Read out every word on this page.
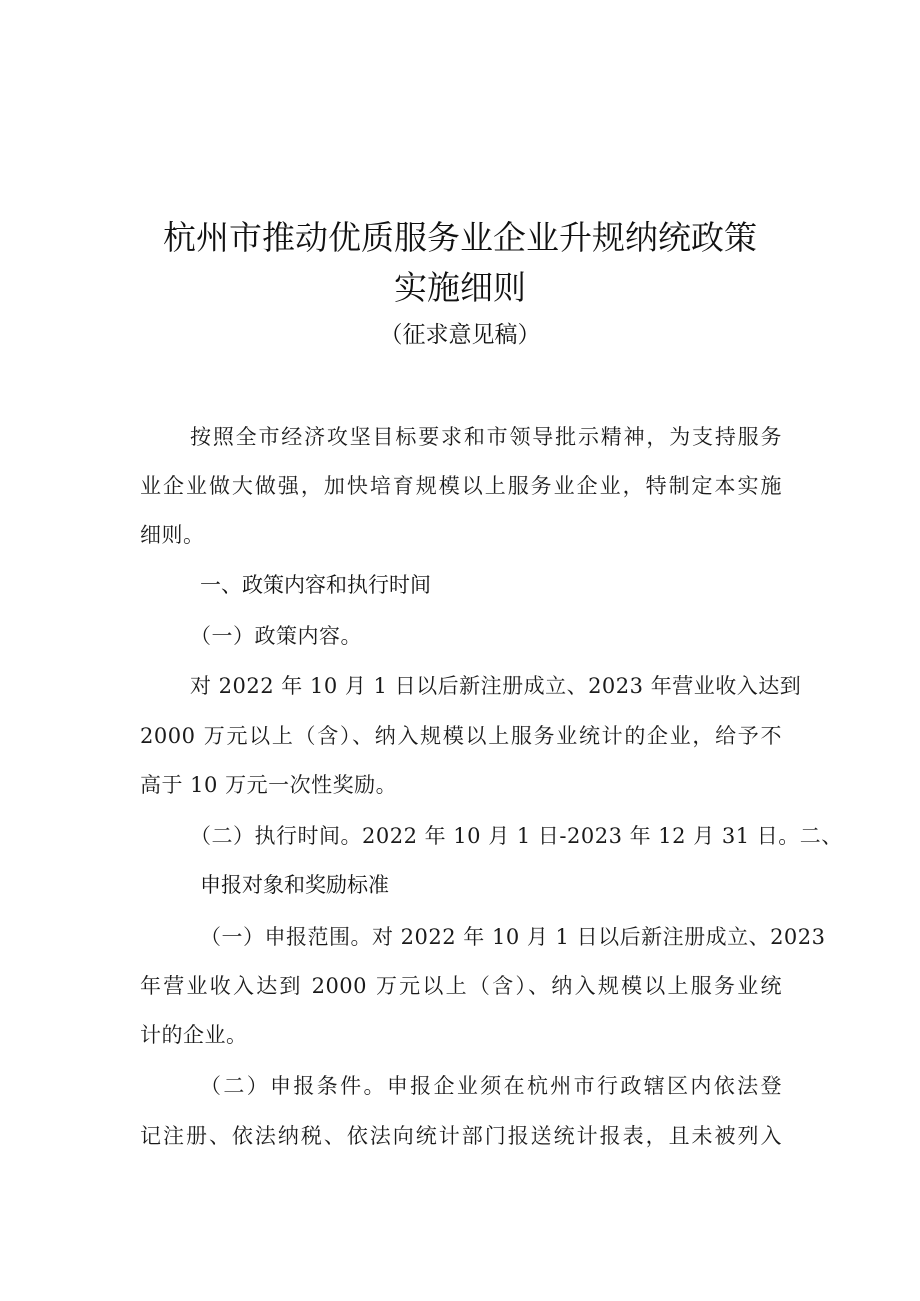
杭州市推动优质服务业企业升规纳统政策
实施细则
（征求意见稿）
按照全市经济攻坚目标要求和市领导批示精神，为支持服务
业企业做大做强，加快培育规模以上服务业企业，特制定本实施
细则。
一、政策内容和执行时间
（一）政策内容。
对 2022 年 10 月 1 日以后新注册成立、2023 年营业收入达到
2000 万元以上（含）、纳入规模以上服务业统计的企业，给予不
高于 10 万元一次性奖励。
（二）执行时间。2022 年 10 月 1 日-2023 年 12 月 31 日。二、
申报对象和奖励标准
（一）申报范围。对 2022 年 10 月 1 日以后新注册成立、2023
年营业收入达到 2000 万元以上（含）、纳入规模以上服务业统
计的企业。
（二）申报条件。申报企业须在杭州市行政辖区内依法登
记注册、依法纳税、依法向统计部门报送统计报表，且未被列入
